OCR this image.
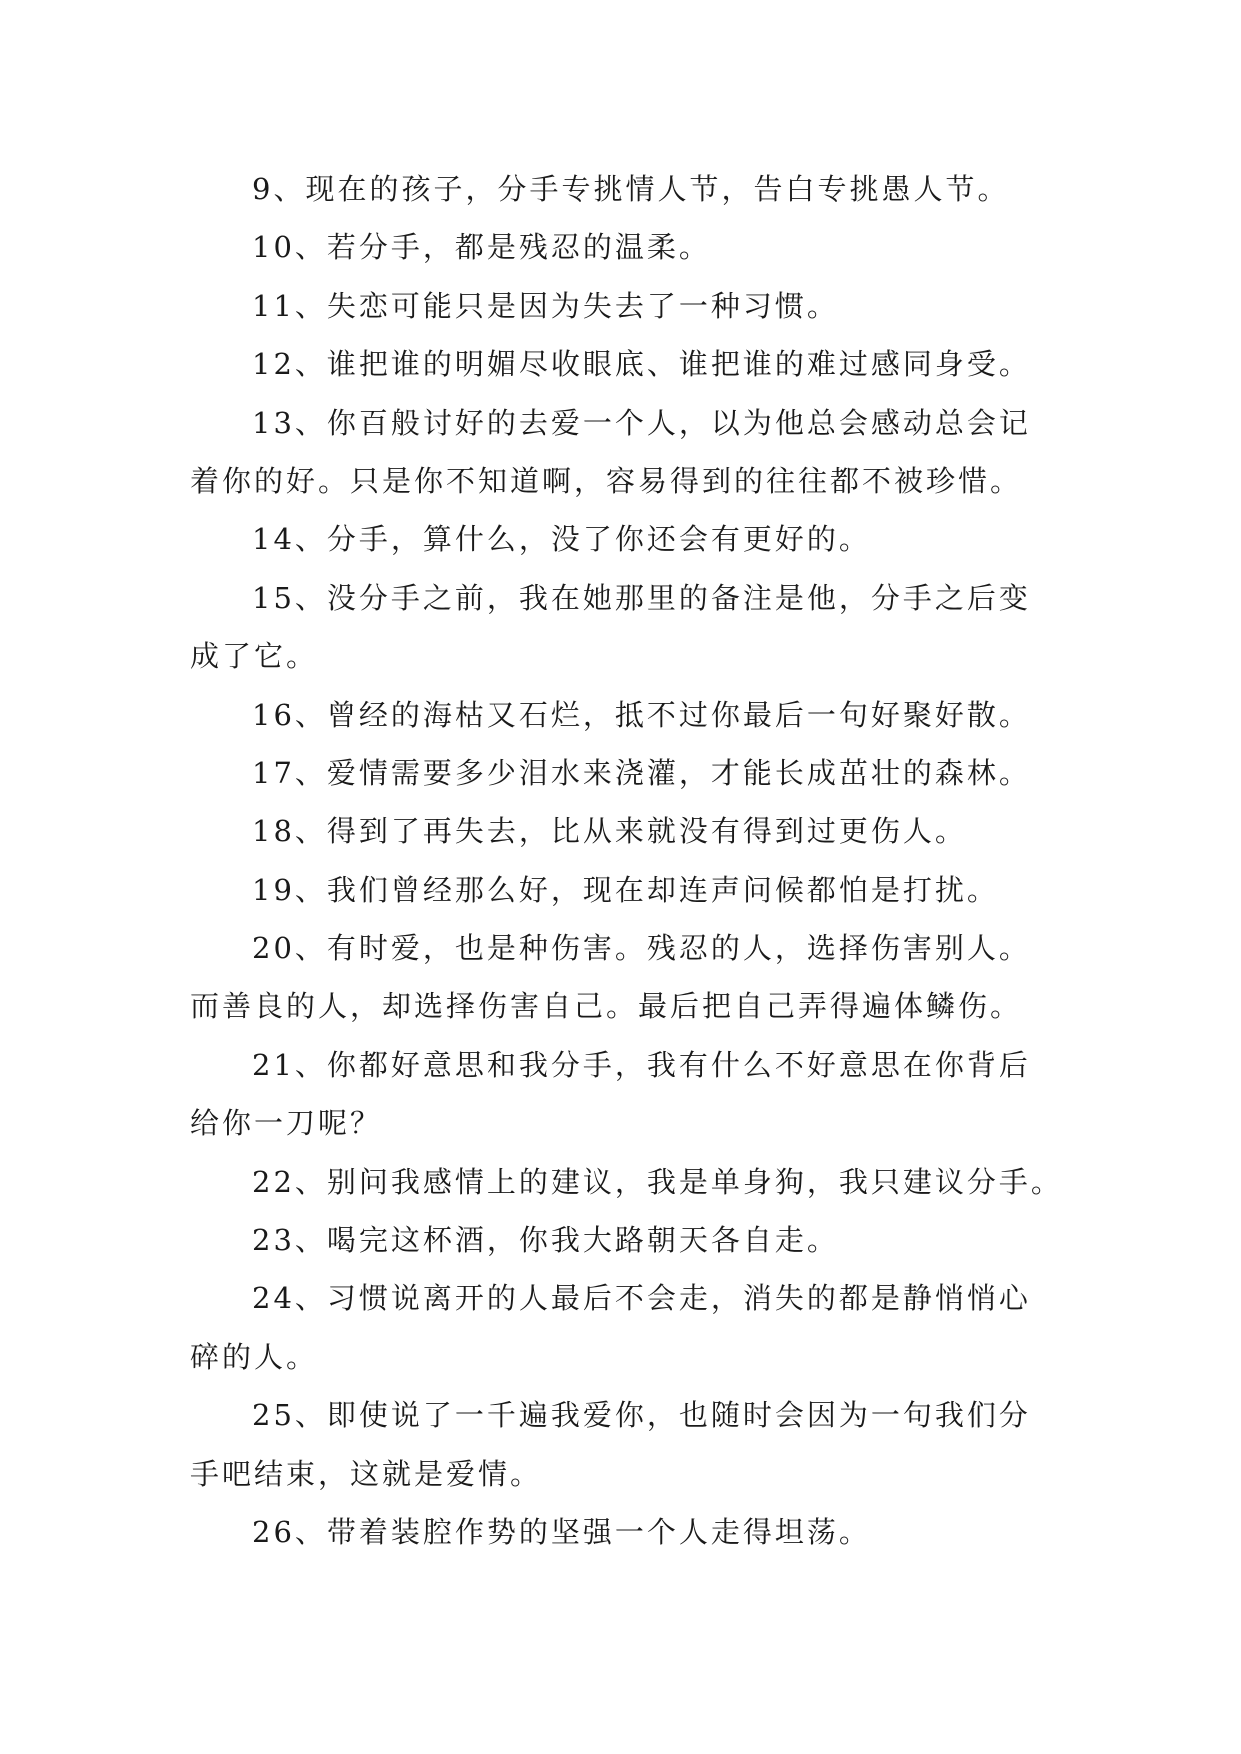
9、现在的孩子，分手专挑情人节，告白专挑愚人节。
10、若分手，都是残忍的温柔。
11、失恋可能只是因为失去了一种习惯。
12、谁把谁的明媚尽收眼底、谁把谁的难过感同身受。
13、你百般讨好的去爱一个人，以为他总会感动总会记
着你的好。只是你不知道啊，容易得到的往往都不被珍惜。
14、分手，算什么，没了你还会有更好的。
15、没分手之前，我在她那里的备注是他，分手之后变
成了它。
16、曾经的海枯又石烂，抵不过你最后一句好聚好散。
17、爱情需要多少泪水来浇灌，才能长成茁壮的森林。
18、得到了再失去，比从来就没有得到过更伤人。
19、我们曾经那么好，现在却连声问候都怕是打扰。
20、有时爱，也是种伤害。残忍的人，选择伤害别人。
而善良的人，却选择伤害自己。最后把自己弄得遍体鳞伤。
21、你都好意思和我分手，我有什么不好意思在你背后
给你一刀呢？
22、别问我感情上的建议，我是单身狗，我只建议分手。
23、喝完这杯酒，你我大路朝天各自走。
24、习惯说离开的人最后不会走，消失的都是静悄悄心
碎的人。
25、即使说了一千遍我爱你，也随时会因为一句我们分
手吧结束，这就是爱情。
26、带着装腔作势的坚强一个人走得坦荡。
